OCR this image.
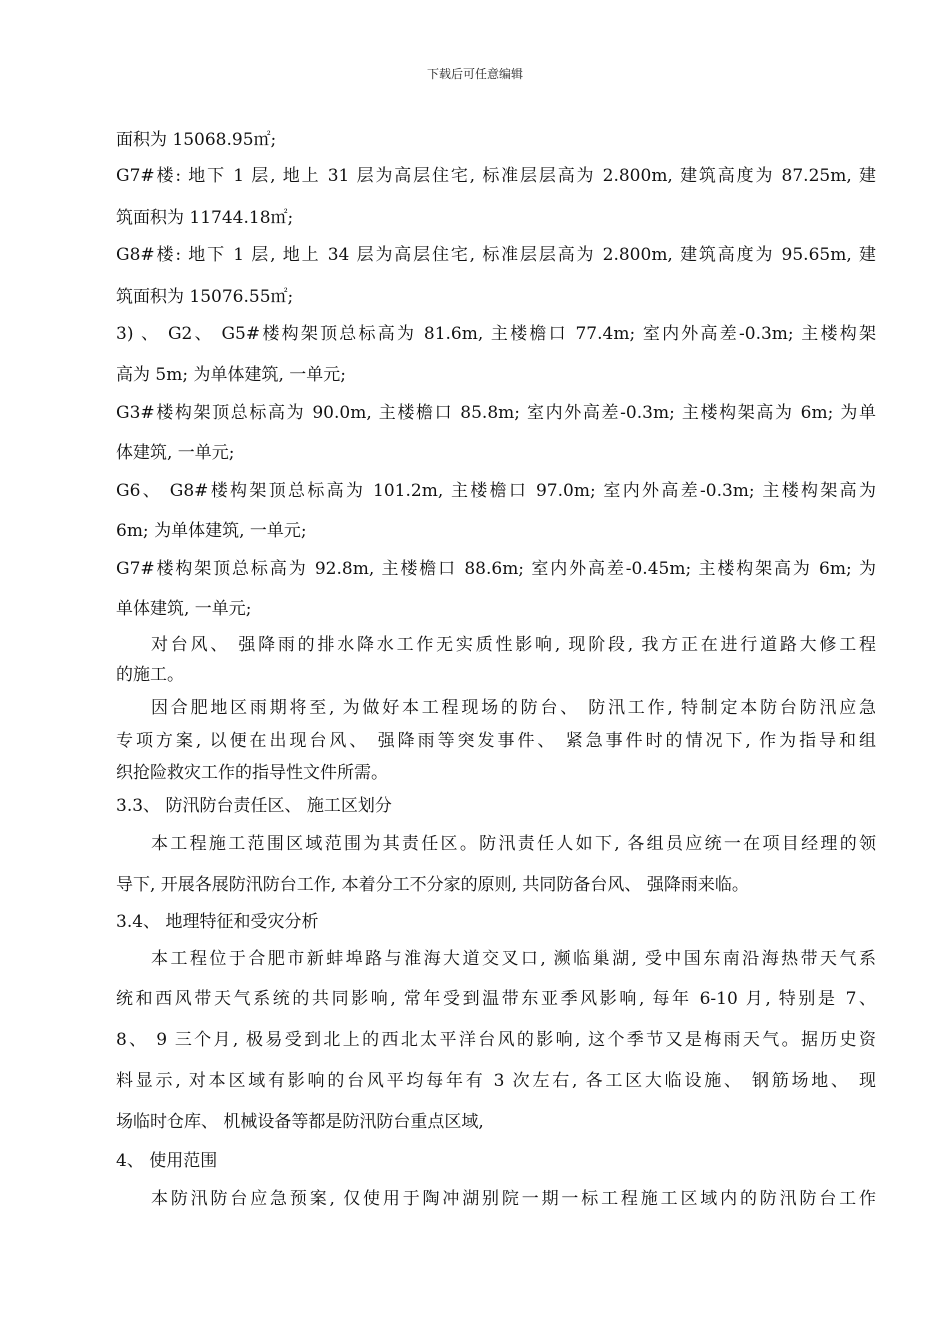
下载后可任意编辑
面积为 15068.95㎡;
G7#楼: 地下 1 层, 地上 31 层为高层住宅, 标准层层高为 2.800m, 建筑高度为 87.25m, 建
筑面积为 11744.18㎡;
G8#楼: 地下 1 层, 地上 34 层为高层住宅, 标准层层高为 2.800m, 建筑高度为 95.65m, 建
筑面积为 15076.55㎡;
3) 、 G2、 G5#楼构架顶总标高为 81.6m, 主楼檐口 77.4m; 室内外高差-0.3m; 主楼构架
高为 5m; 为单体建筑, 一单元;
G3#楼构架顶总标高为 90.0m, 主楼檐口 85.8m; 室内外高差-0.3m; 主楼构架高为 6m; 为单
体建筑, 一单元;
G6、 G8#楼构架顶总标高为 101.2m, 主楼檐口 97.0m; 室内外高差-0.3m; 主楼构架高为
6m; 为单体建筑, 一单元;
G7#楼构架顶总标高为 92.8m, 主楼檐口 88.6m; 室内外高差-0.45m; 主楼构架高为 6m; 为
单体建筑, 一单元;
对台风、 强降雨的排水降水工作无实质性影响, 现阶段, 我方正在进行道路大修工程
的施工。
因合肥地区雨期将至, 为做好本工程现场的防台、 防汛工作, 特制定本防台防汛应急
专项方案, 以便在出现台风、 强降雨等突发事件、 紧急事件时的情况下, 作为指导和组
织抢险救灾工作的指导性文件所需。
3.3、 防汛防台责任区、 施工区划分
本工程施工范围区域范围为其责任区。防汛责任人如下, 各组员应统一在项目经理的领
导下, 开展各展防汛防台工作, 本着分工不分家的原则, 共同防备台风、 强降雨来临。
3.4、 地理特征和受灾分析
本工程位于合肥市新蚌埠路与淮海大道交叉口, 濒临巢湖, 受中国东南沿海热带天气系
统和西风带天气系统的共同影响, 常年受到温带东亚季风影响, 每年 6-10 月, 特别是 7、
8、 9 三个月, 极易受到北上的西北太平洋台风的影响, 这个季节又是梅雨天气。据历史资
料显示, 对本区域有影响的台风平均每年有 3 次左右, 各工区大临设施、 钢筋场地、 现
场临时仓库、 机械设备等都是防汛防台重点区域,
4、 使用范围
本防汛防台应急预案, 仅使用于陶冲湖别院一期一标工程施工区域内的防汛防台工作
